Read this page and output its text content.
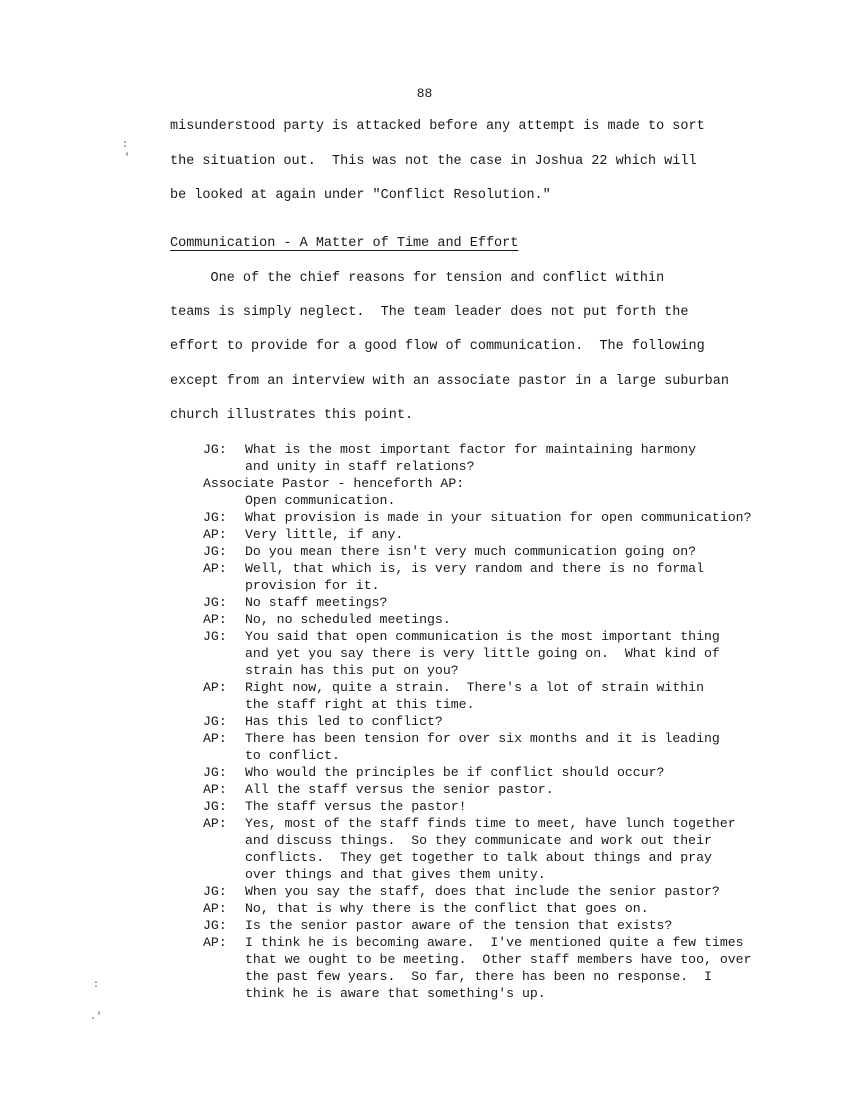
88
misunderstood party is attacked before any attempt is made to sort
the situation out.  This was not the case in Joshua 22 which will
be looked at again under "Conflict Resolution."
Communication - A Matter of Time and Effort
One of the chief reasons for tension and conflict within
teams is simply neglect.  The team leader does not put forth the
effort to provide for a good flow of communication.  The following
except from an interview with an associate pastor in a large suburban
church illustrates this point.
JG:	What is the most important factor for maintaining harmony
and unity in staff relations?
Associate Pastor - henceforth AP:
Open communication.
JG:	What provision is made in your situation for open communication?
AP:	Very little, if any.
JG:	Do you mean there isn't very much communication going on?
AP:	Well, that which is, is very random and there is no formal
provision for it.
JG:	No staff meetings?
AP:	No, no scheduled meetings.
JG:	You said that open communication is the most important thing
and yet you say there is very little going on.  What kind of
strain has this put on you?
AP:	Right now, quite a strain.  There's a lot of strain within
the staff right at this time.
JG:	Has this led to conflict?
AP:	There has been tension for over six months and it is leading
to conflict.
JG:	Who would the principles be if conflict should occur?
AP:	All the staff versus the senior pastor.
JG:	The staff versus the pastor!
AP:	Yes, most of the staff finds time to meet, have lunch together
and discuss things.  So they communicate and work out their
conflicts.  They get together to talk about things and pray
over things and that gives them unity.
JG:	When you say the staff, does that include the senior pastor?
AP:	No, that is why there is the conflict that goes on.
JG:	Is the senior pastor aware of the tension that exists?
AP:	I think he is becoming aware.  I've mentioned quite a few times
that we ought to be meeting.  Other staff members have too, over
the past few years.  So far, there has been no response.  I
think he is aware that something's up.
:
'
:
.'
